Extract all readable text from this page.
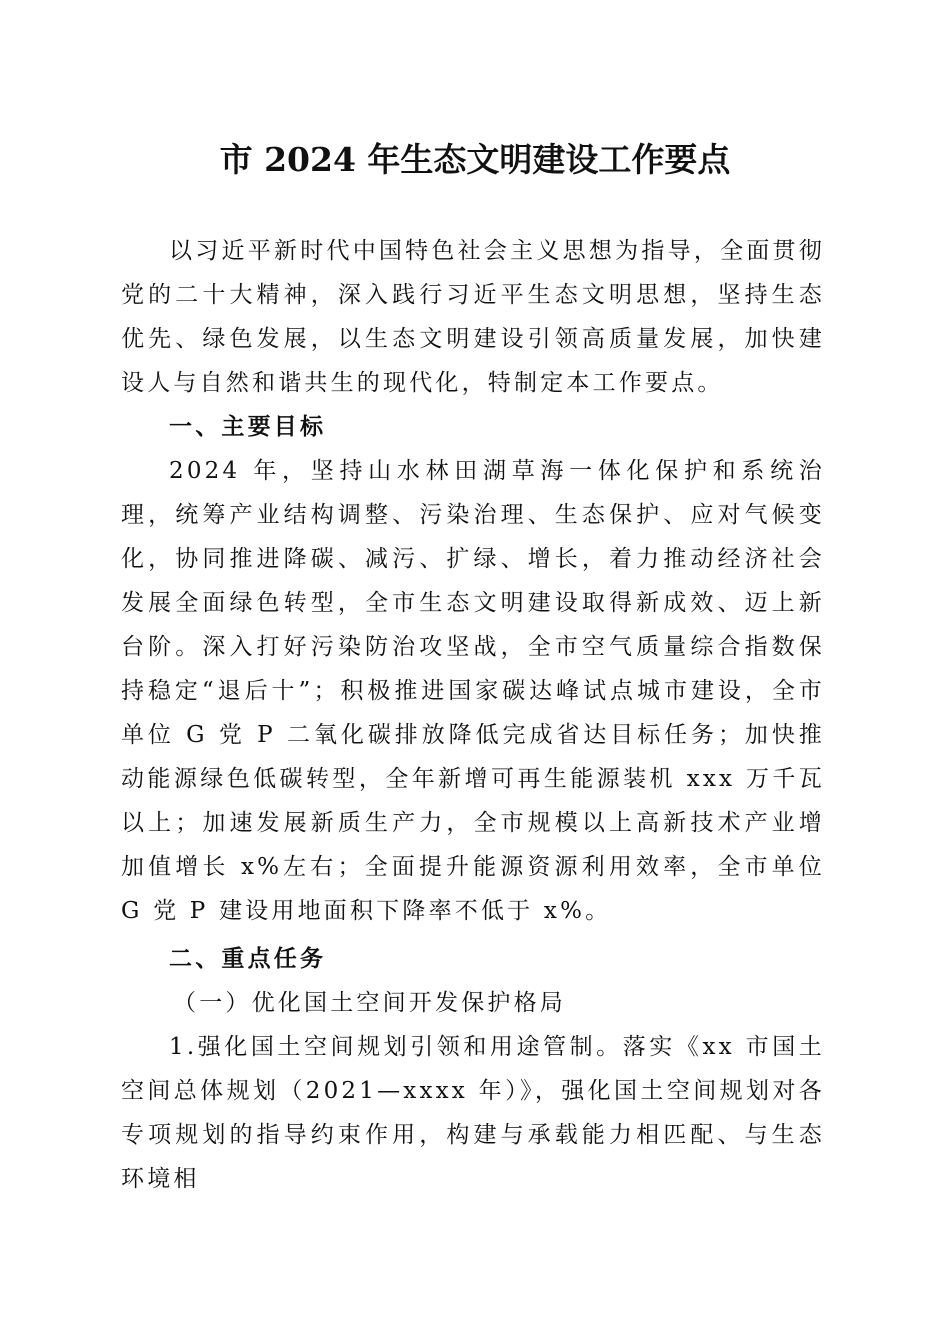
市 2024 年生态文明建设工作要点

以习近平新时代中国特色社会主义思想为指导，全面贯彻党的二十大精神，深入践行习近平生态文明思想，坚持生态优先、绿色发展，以生态文明建设引领高质量发展，加快建设人与自然和谐共生的现代化，特制定本工作要点。

一、主要目标

2024 年，坚持山水林田湖草海一体化保护和系统治理，统筹产业结构调整、污染治理、生态保护、应对气候变化，协同推进降碳、减污、扩绿、增长，着力推动经济社会发展全面绿色转型，全市生态文明建设取得新成效、迈上新台阶。深入打好污染防治攻坚战，全市空气质量综合指数保持稳定“退后十”；积极推进国家碳达峰试点城市建设，全市单位 G 党 P 二氧化碳排放降低完成省达目标任务；加快推动能源绿色低碳转型，全年新增可再生能源装机 xxx 万千瓦以上；加速发展新质生产力，全市规模以上高新技术产业增加值增长 x%左右；全面提升能源资源利用效率，全市单位 G 党 P 建设用地面积下降率不低于 x%。

二、重点任务

（一）优化国土空间开发保护格局

1.强化国土空间规划引领和用途管制。落实《xx 市国土空间总体规划（2021—xxxx 年）》，强化国土空间规划对各专项规划的指导约束作用，构建与承载能力相匹配、与生态环境相
